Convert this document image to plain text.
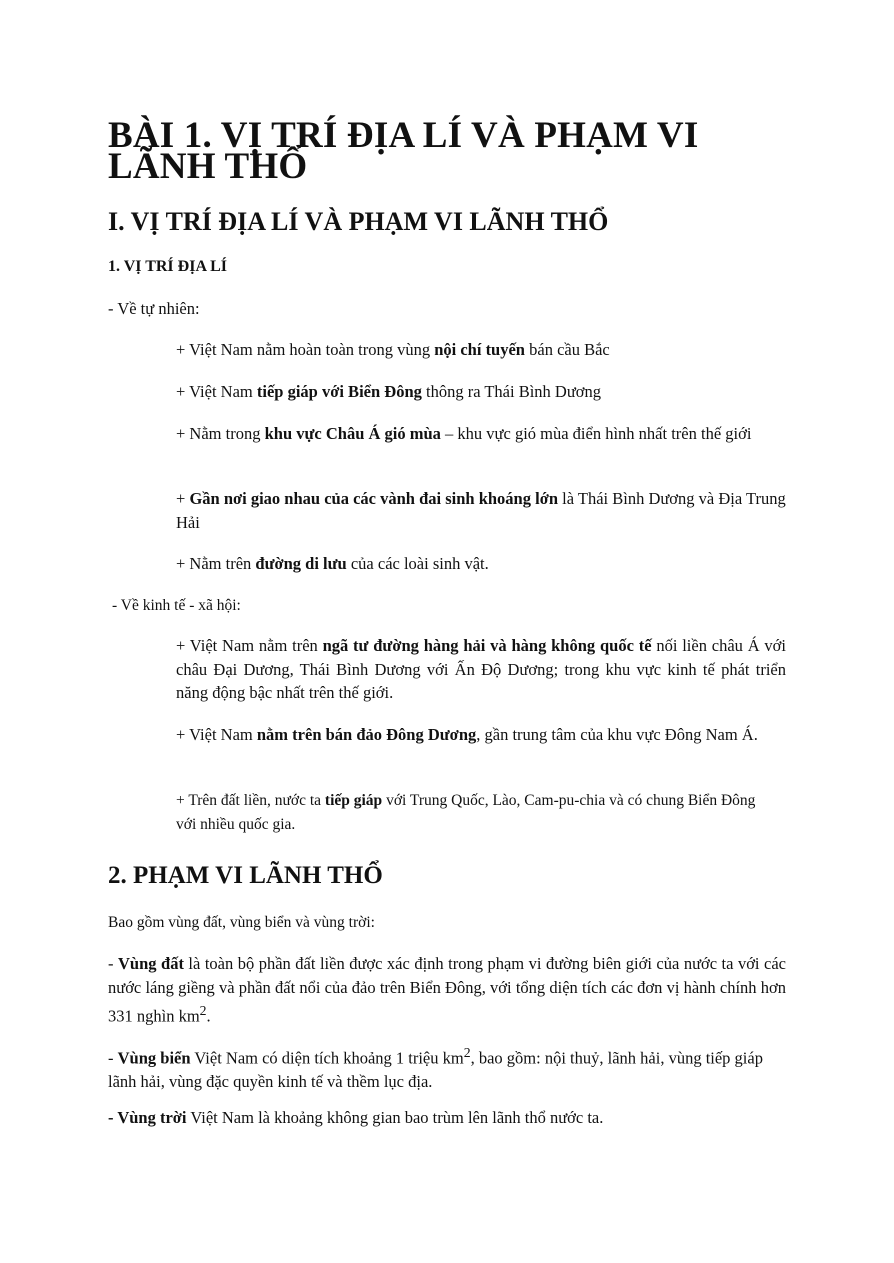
BÀI 1. VỊ TRÍ ĐỊA LÍ VÀ PHẠM VI LÃNH THỔ
I. VỊ TRÍ ĐỊA LÍ VÀ PHẠM VI LÃNH THỔ
1. VỊ TRÍ ĐỊA LÍ

- Về tự nhiên:

+ Việt Nam nằm hoàn toàn trong vùng nội chí tuyến bán cầu Bắc

+ Việt Nam tiếp giáp với Biển Đông thông ra Thái Bình Dương

+ Nằm trong khu vực Châu Á gió mùa – khu vực gió mùa điển hình nhất trên thế giới

+ Gần nơi giao nhau của các vành đai sinh khoáng lớn là Thái Bình Dương và Địa Trung Hải

+ Nằm trên đường di lưu của các loài sinh vật.

- Về kinh tế - xã hội:

+ Việt Nam nằm trên ngã tư đường hàng hải và hàng không quốc tế nối liền châu Á với châu Đại Dương, Thái Bình Dương với Ấn Độ Dương; trong khu vực kinh tế phát triển năng động bậc nhất trên thế giới.

+ Việt Nam nằm trên bán đảo Đông Dương, gần trung tâm của khu vực Đông Nam Á.

+ Trên đất liền, nước ta tiếp giáp với Trung Quốc, Lào, Cam-pu-chia và có chung Biển Đông với nhiều quốc gia.

2. PHẠM VI LÃNH THỔ

Bao gồm vùng đất, vùng biển và vùng trời:

- Vùng đất là toàn bộ phần đất liền được xác định trong phạm vi đường biên giới của nước ta với các nước láng giềng và phần đất nổi của đảo trên Biển Đông, với tổng diện tích các đơn vị hành chính hơn 331 nghìn $km^2$.

- Vùng biển Việt Nam có diện tích khoảng 1 triệu $km^2$, bao gồm: nội thuỷ, lãnh hải, vùng tiếp giáp lãnh hải, vùng đặc quyền kinh tế và thềm lục địa.

- Vùng trời Việt Nam là khoảng không gian bao trùm lên lãnh thổ nước ta.
